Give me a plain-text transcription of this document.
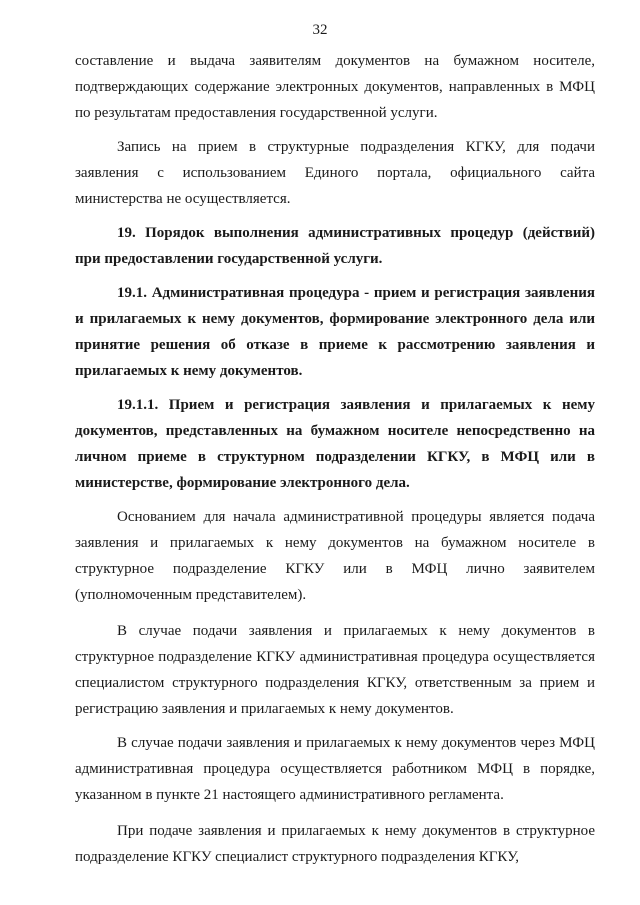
32

составление и выдача заявителям документов на бумажном носителе, подтверждающих содержание электронных документов, направленных в МФЦ по результатам предоставления государственной услуги.

Запись на прием в структурные подразделения КГКУ, для подачи заявления с использованием Единого портала, официального сайта министерства не осуществляется.

19. Порядок выполнения административных процедур (действий) при предоставлении государственной услуги.

19.1. Административная процедура - прием и регистрация заявления и прилагаемых к нему документов, формирование электронного дела или принятие решения об отказе в приеме к рассмотрению заявления и прилагаемых к нему документов.

19.1.1. Прием и регистрация заявления и прилагаемых к нему документов, представленных на бумажном носителе непосредственно на личном приеме в структурном подразделении КГКУ, в МФЦ или в министерстве, формирование электронного дела.

Основанием для начала административной процедуры является подача заявления и прилагаемых к нему документов на бумажном носителе в структурное подразделение КГКУ или в МФЦ лично заявителем (уполномоченным представителем).

В случае подачи заявления и прилагаемых к нему документов в структурное подразделение КГКУ административная процедура осуществляется специалистом структурного подразделения КГКУ, ответственным за прием и регистрацию заявления и прилагаемых к нему документов.

В случае подачи заявления и прилагаемых к нему документов через МФЦ административная процедура осуществляется работником МФЦ в порядке, указанном в пункте 21 настоящего административного регламента.

При подаче заявления и прилагаемых к нему документов в структурное подразделение КГКУ специалист структурного подразделения КГКУ,
